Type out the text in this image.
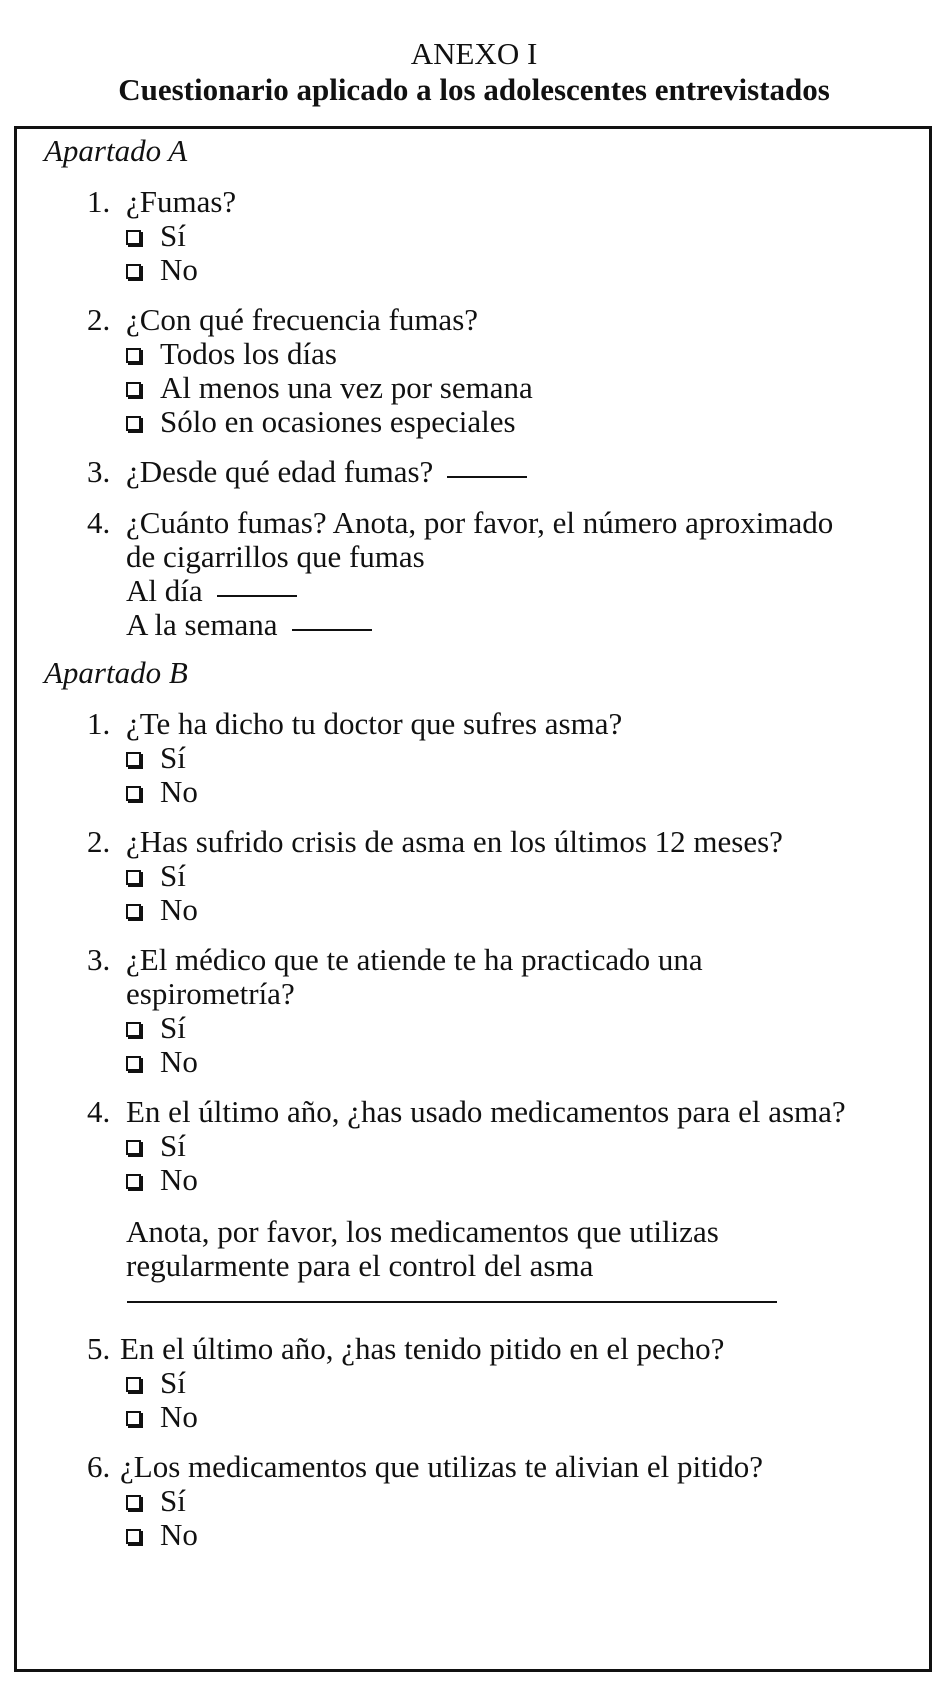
ANEXO I
Cuestionario aplicado a los adolescentes entrevistados
Apartado A
1. ¿Fumas?
Sí
No
2. ¿Con qué frecuencia fumas?
Todos los días
Al menos una vez por semana
Sólo en ocasiones especiales
3. ¿Desde qué edad fumas?
4. ¿Cuánto fumas? Anota, por favor, el número aproximado
de cigarrillos que fumas
Al día
A la semana
Apartado B
1. ¿Te ha dicho tu doctor que sufres asma?
Sí
No
2. ¿Has sufrido crisis de asma en los últimos 12 meses?
Sí
No
3. ¿El médico que te atiende te ha practicado una
espirometría?
Sí
No
4. En el último año, ¿has usado medicamentos para el asma?
Sí
No
Anota, por favor, los medicamentos que utilizas
regularmente para el control del asma
5. En el último año, ¿has tenido pitido en el pecho?
Sí
No
6. ¿Los medicamentos que utilizas te alivian el pitido?
Sí
No
